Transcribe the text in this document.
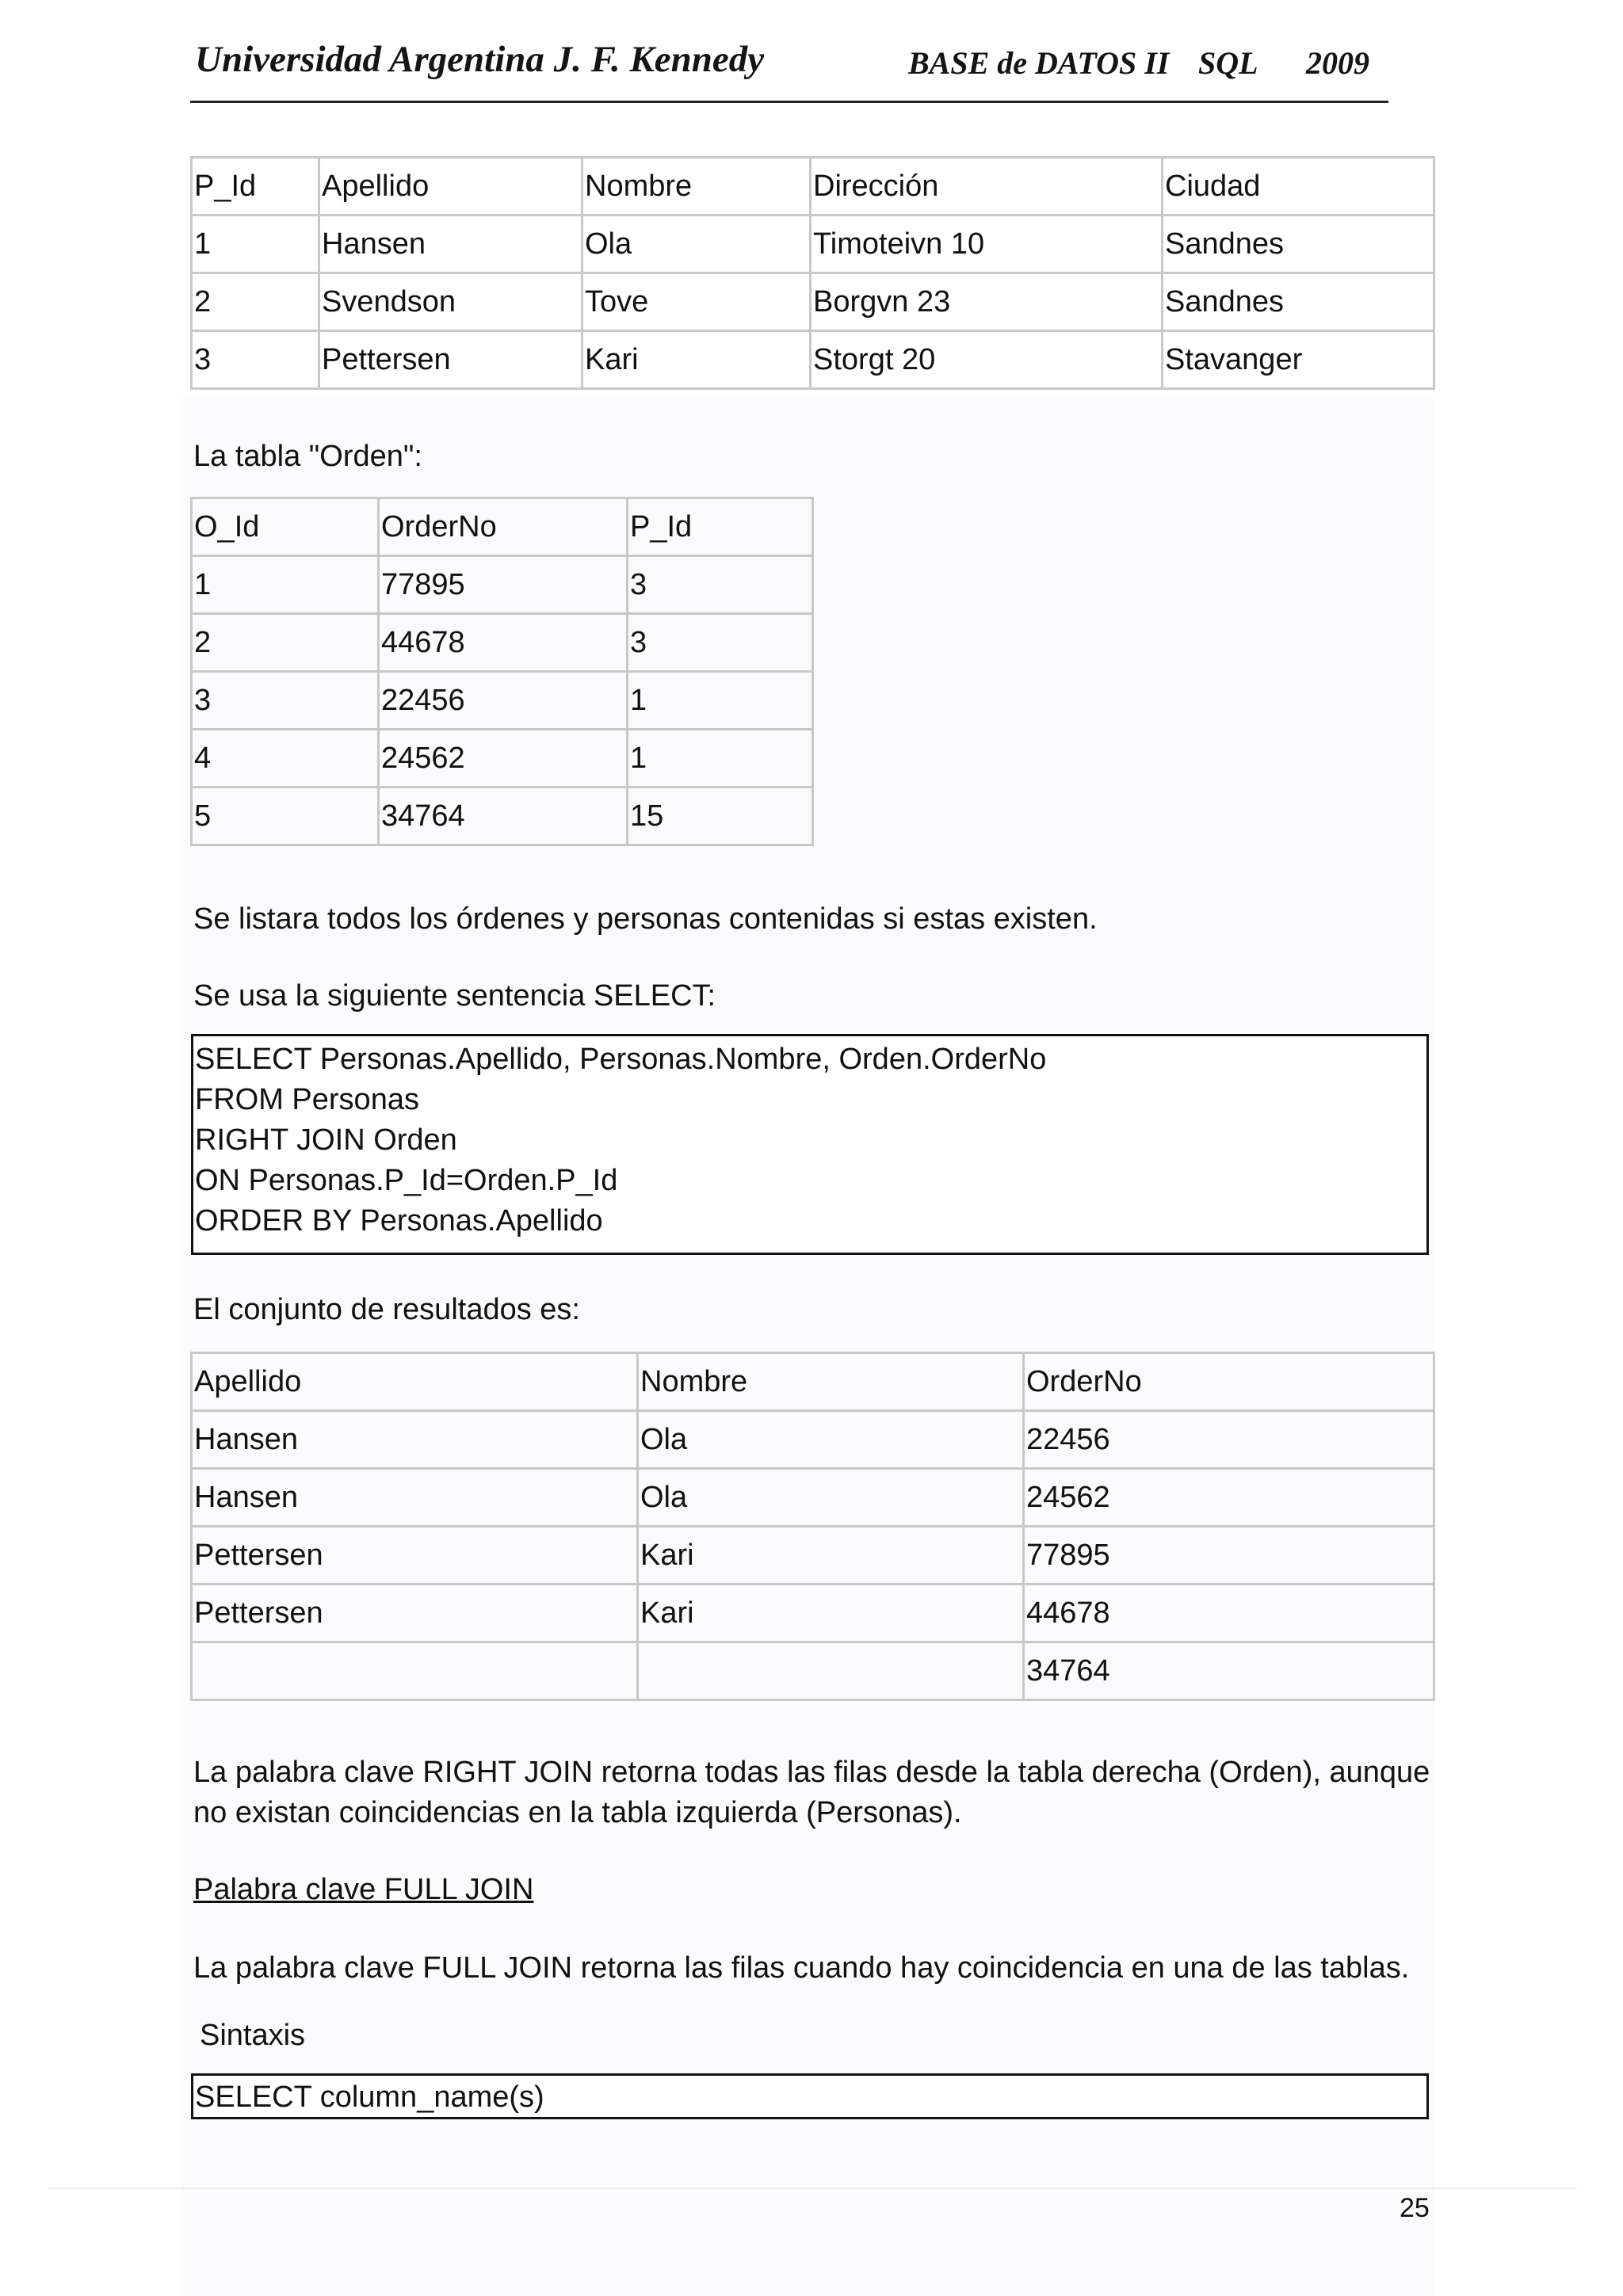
Universidad Argentina J. F. Kennedy	BASE de DATOS II SQL 2009
P_Id	Apellido	Nombre	Dirección	Ciudad
1	Hansen	Ola	Timoteivn 10	Sandnes
2	Svendson	Tove	Borgvn 23	Sandnes
3	Pettersen	Kari	Storgt 20	Stavanger
La tabla "Orden":
O_Id	OrderNo	P_Id
1	77895	3
2	44678	3
3	22456	1
4	24562	1
5	34764	15
Se listara todos los órdenes y personas contenidas si estas existen.
Se usa la siguiente sentencia SELECT:
SELECT Personas.Apellido, Personas.Nombre, Orden.OrderNo
FROM Personas
RIGHT JOIN Orden
ON Personas.P_Id=Orden.P_Id
ORDER BY Personas.Apellido
El conjunto de resultados es:
Apellido	Nombre	OrderNo
Hansen	Ola	22456
Hansen	Ola	24562
Pettersen	Kari	77895
Pettersen	Kari	44678
		34764
La palabra clave RIGHT JOIN retorna todas las filas desde la tabla derecha (Orden), aunque no existan coincidencias en la tabla izquierda (Personas).
Palabra clave FULL JOIN
La palabra clave FULL JOIN retorna las filas cuando hay coincidencia en una de las tablas.
Sintaxis
SELECT column_name(s)
25
